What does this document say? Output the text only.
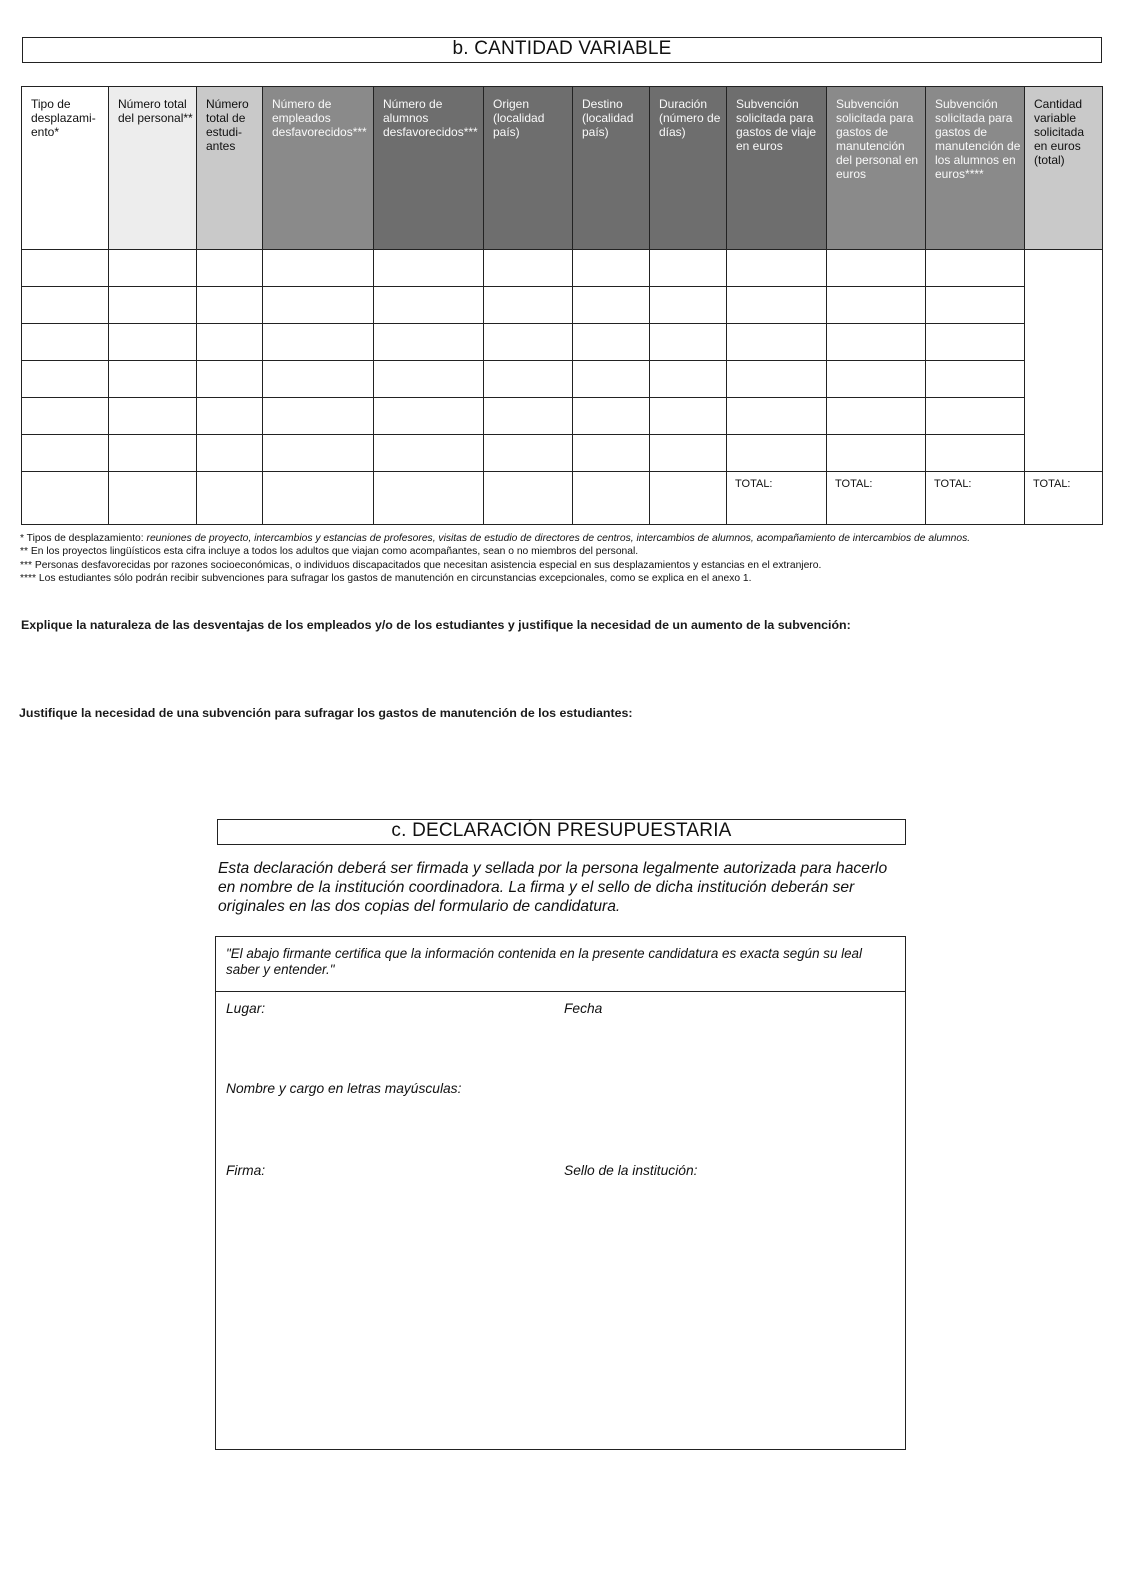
b. CANTIDAD VARIABLE
Tipo de desplazami-ento*	Número total del personal**	Número total de estudi-antes	Número de empleados desfavorecidos***	Número de alumnos desfavorecidos***	Origen (localidad país)	Destino (localidad país)	Duración (número de días)	Subvención solicitada para gastos de viaje en euros	Subvención solicitada para gastos de manutención del personal en euros	Subvención solicitada para gastos de manutención de los alumnos en euros****	Cantidad variable solicitada en euros (total)

								TOTAL:	TOTAL:	TOTAL:	TOTAL:
* Tipos de desplazamiento: reuniones de proyecto, intercambios y estancias de profesores, visitas de estudio de directores de centros, intercambios de alumnos, acompañamiento de intercambios de alumnos.
** En los proyectos lingüísticos esta cifra incluye a todos los adultos que viajan como acompañantes, sean o no miembros del personal.
*** Personas desfavorecidas por razones socioeconómicas, o individuos discapacitados que necesitan asistencia especial en sus desplazamientos y estancias en el extranjero.
**** Los estudiantes sólo podrán recibir subvenciones para sufragar los gastos de manutención en circunstancias excepcionales, como se explica en el anexo 1.
Explique la naturaleza de las desventajas de los empleados y/o de los estudiantes y justifique la necesidad de un aumento de la subvención:
Justifique la necesidad de una subvención para sufragar los gastos de manutención de los estudiantes:
c. DECLARACIÓN PRESUPUESTARIA
Esta declaración deberá ser firmada y sellada por la persona legalmente autorizada para hacerlo en nombre de la institución coordinadora. La firma y el sello de dicha institución deberán ser originales en las dos copias del formulario de candidatura.
"El abajo firmante certifica que la información contenida en la presente candidatura es exacta según su leal saber y entender."
Lugar:	Fecha
Nombre y cargo en letras mayúsculas:
Firma:	Sello de la institución:
